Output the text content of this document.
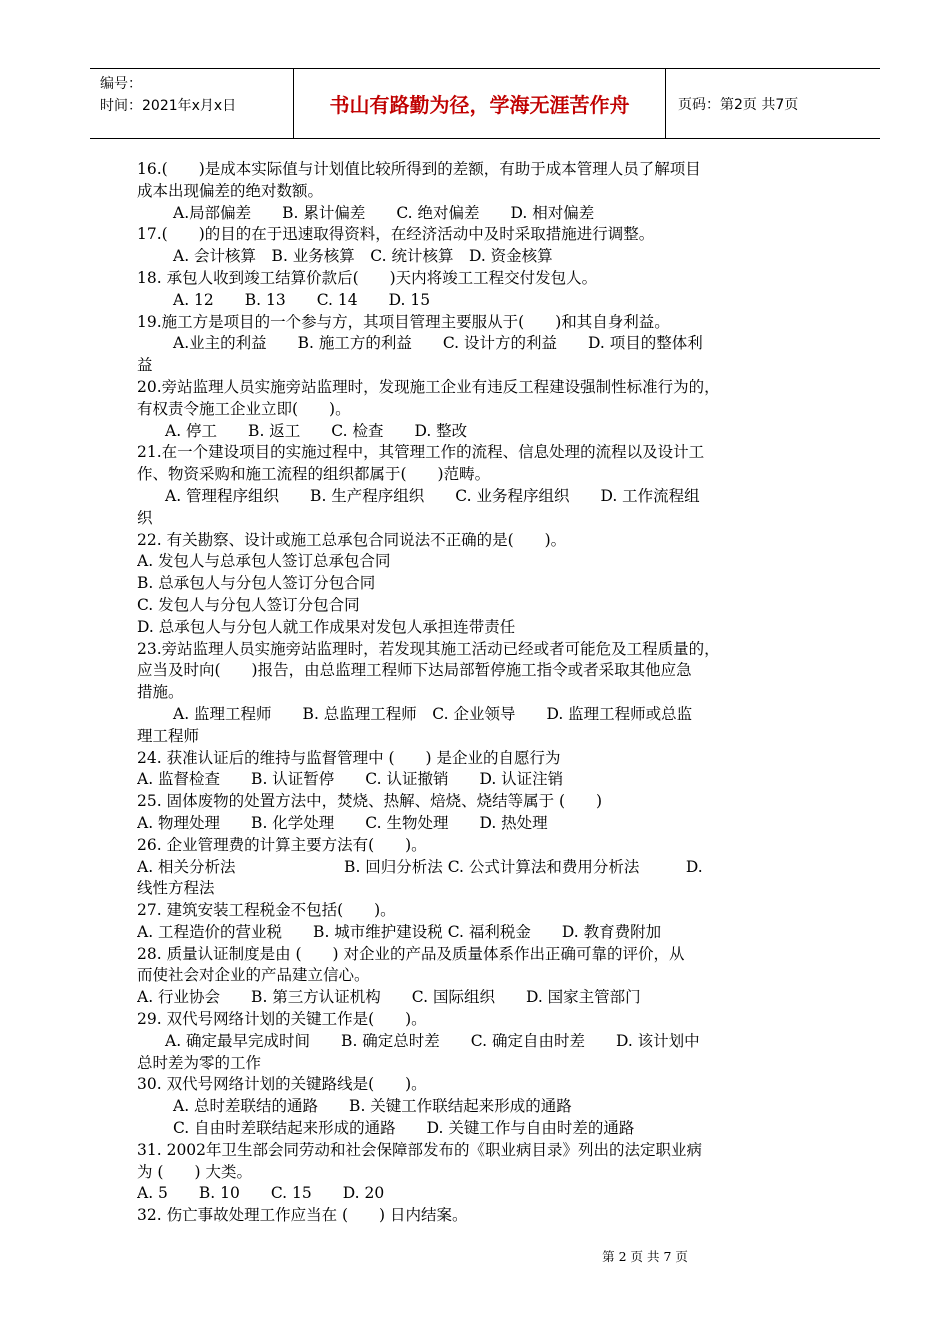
编号：
时间：2021年x月x日	书山有路勤为径，学海无涯苦作舟	页码：第2页 共7页
16.(　　)是成本实际值与计划值比较所得到的差额，有助于成本管理人员了解项目
成本出现偏差的绝对数额。
A.局部偏差　　B. 累计偏差　　C. 绝对偏差　　D. 相对偏差
17.(　　)的目的在于迅速取得资料，在经济活动中及时采取措施进行调整。
A. 会计核算　B. 业务核算　C. 统计核算　D. 资金核算
18. 承包人收到竣工结算价款后(　　)天内将竣工工程交付发包人。
A. 12　　B. 13　　C. 14　　D. 15
19.施工方是项目的一个参与方，其项目管理主要服从于(　　)和其自身利益。
A.业主的利益　　B. 施工方的利益　　C. 设计方的利益　　D. 项目的整体利
益
20.旁站监理人员实施旁站监理时，发现施工企业有违反工程建设强制性标准行为的，
有权责令施工企业立即(　　)。
A. 停工　　B. 返工　　C. 检查　　D. 整改
21.在一个建设项目的实施过程中，其管理工作的流程、信息处理的流程以及设计工
作、物资采购和施工流程的组织都属于(　　)范畴。
A. 管理程序组织　　B. 生产程序组织　　C. 业务程序组织　　D. 工作流程组
织
22. 有关勘察、设计或施工总承包合同说法不正确的是(　　)。
A. 发包人与总承包人签订总承包合同
B. 总承包人与分包人签订分包合同
C. 发包人与分包人签订分包合同
D. 总承包人与分包人就工作成果对发包人承担连带责任
23.旁站监理人员实施旁站监理时，若发现其施工活动已经或者可能危及工程质量的，
应当及时向(　　)报告，由总监理工程师下达局部暂停施工指令或者采取其他应急
措施。
A. 监理工程师　　B. 总监理工程师　C. 企业领导　　D. 监理工程师或总监
理工程师
24. 获准认证后的维持与监督管理中 (　　) 是企业的自愿行为
A. 监督检查　　B. 认证暂停　　C. 认证撤销　　D. 认证注销
25. 固体废物的处置方法中，焚烧、热解、焙烧、烧结等属于 (　　)
A. 物理处理　　B. 化学处理　　C. 生物处理　　D. 热处理
26. 企业管理费的计算主要方法有(　　)。
A. 相关分析法　　　　　　　B. 回归分析法 C. 公式计算法和费用分析法　　　D.
线性方程法
27. 建筑安装工程税金不包括(　　)。
A. 工程造价的营业税　　B. 城市维护建设税 C. 福利税金　　D. 教育费附加
28. 质量认证制度是由 (　　) 对企业的产品及质量体系作出正确可靠的评价，从
而使社会对企业的产品建立信心。
A. 行业协会　　B. 第三方认证机构　　C. 国际组织　　D. 国家主管部门
29. 双代号网络计划的关键工作是(　　)。
A. 确定最早完成时间　　B. 确定总时差　　C. 确定自由时差　　D. 该计划中
总时差为零的工作
30. 双代号网络计划的关键路线是(　　)。
A. 总时差联结的通路　　B. 关键工作联结起来形成的通路
C. 自由时差联结起来形成的通路　　D. 关键工作与自由时差的通路
31. 2002年卫生部会同劳动和社会保障部发布的《职业病目录》列出的法定职业病
为 (　　) 大类。
A. 5　　B. 10　　C. 15　　D. 20
32. 伤亡事故处理工作应当在 (　　) 日内结案。
第 2 页 共 7 页
